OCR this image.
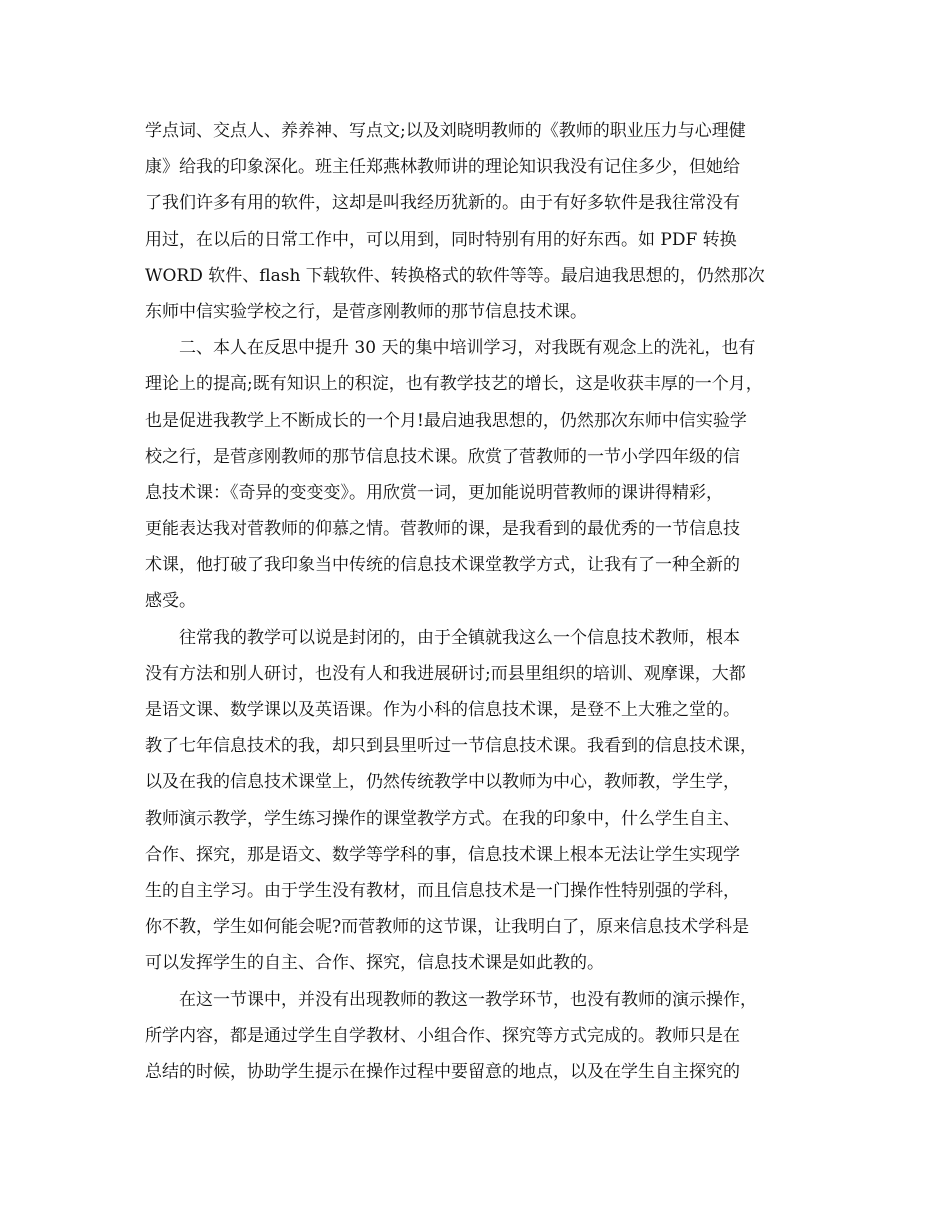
学点词、交点人、养养神、写点文;以及刘晓明教师的《教师的职业压力与心理健
康》给我的印象深化。班主任郑燕林教师讲的理论知识我没有记住多少，但她给
了我们许多有用的软件，这却是叫我经历犹新的。由于有好多软件是我往常没有
用过，在以后的日常工作中，可以用到，同时特别有用的好东西。如 PDF 转换
WORD 软件、flash 下载软件、转换格式的软件等等。最启迪我思想的，仍然那次
东师中信实验学校之行，是菅彦刚教师的那节信息技术课。
二、本人在反思中提升 30 天的集中培训学习，对我既有观念上的洗礼，也有
理论上的提高;既有知识上的积淀，也有教学技艺的增长，这是收获丰厚的一个月，
也是促进我教学上不断成长的一个月!最启迪我思想的，仍然那次东师中信实验学
校之行，是菅彦刚教师的那节信息技术课。欣赏了菅教师的一节小学四年级的信
息技术课：《奇异的变变变》。用欣赏一词，更加能说明菅教师的课讲得精彩，
更能表达我对菅教师的仰慕之情。菅教师的课，是我看到的最优秀的一节信息技
术课，他打破了我印象当中传统的信息技术课堂教学方式，让我有了一种全新的
感受。
往常我的教学可以说是封闭的，由于全镇就我这么一个信息技术教师，根本
没有方法和别人研讨，也没有人和我进展研讨;而县里组织的培训、观摩课，大都
是语文课、数学课以及英语课。作为小科的信息技术课，是登不上大雅之堂的。
教了七年信息技术的我，却只到县里听过一节信息技术课。我看到的信息技术课，
以及在我的信息技术课堂上，仍然传统教学中以教师为中心，教师教，学生学，
教师演示教学，学生练习操作的课堂教学方式。在我的印象中，什么学生自主、
合作、探究，那是语文、数学等学科的事，信息技术课上根本无法让学生实现学
生的自主学习。由于学生没有教材，而且信息技术是一门操作性特别强的学科，
你不教，学生如何能会呢?而菅教师的这节课，让我明白了，原来信息技术学科是
可以发挥学生的自主、合作、探究，信息技术课是如此教的。
在这一节课中，并没有出现教师的教这一教学环节，也没有教师的演示操作，
所学内容，都是通过学生自学教材、小组合作、探究等方式完成的。教师只是在
总结的时候，协助学生提示在操作过程中要留意的地点，以及在学生自主探究的
